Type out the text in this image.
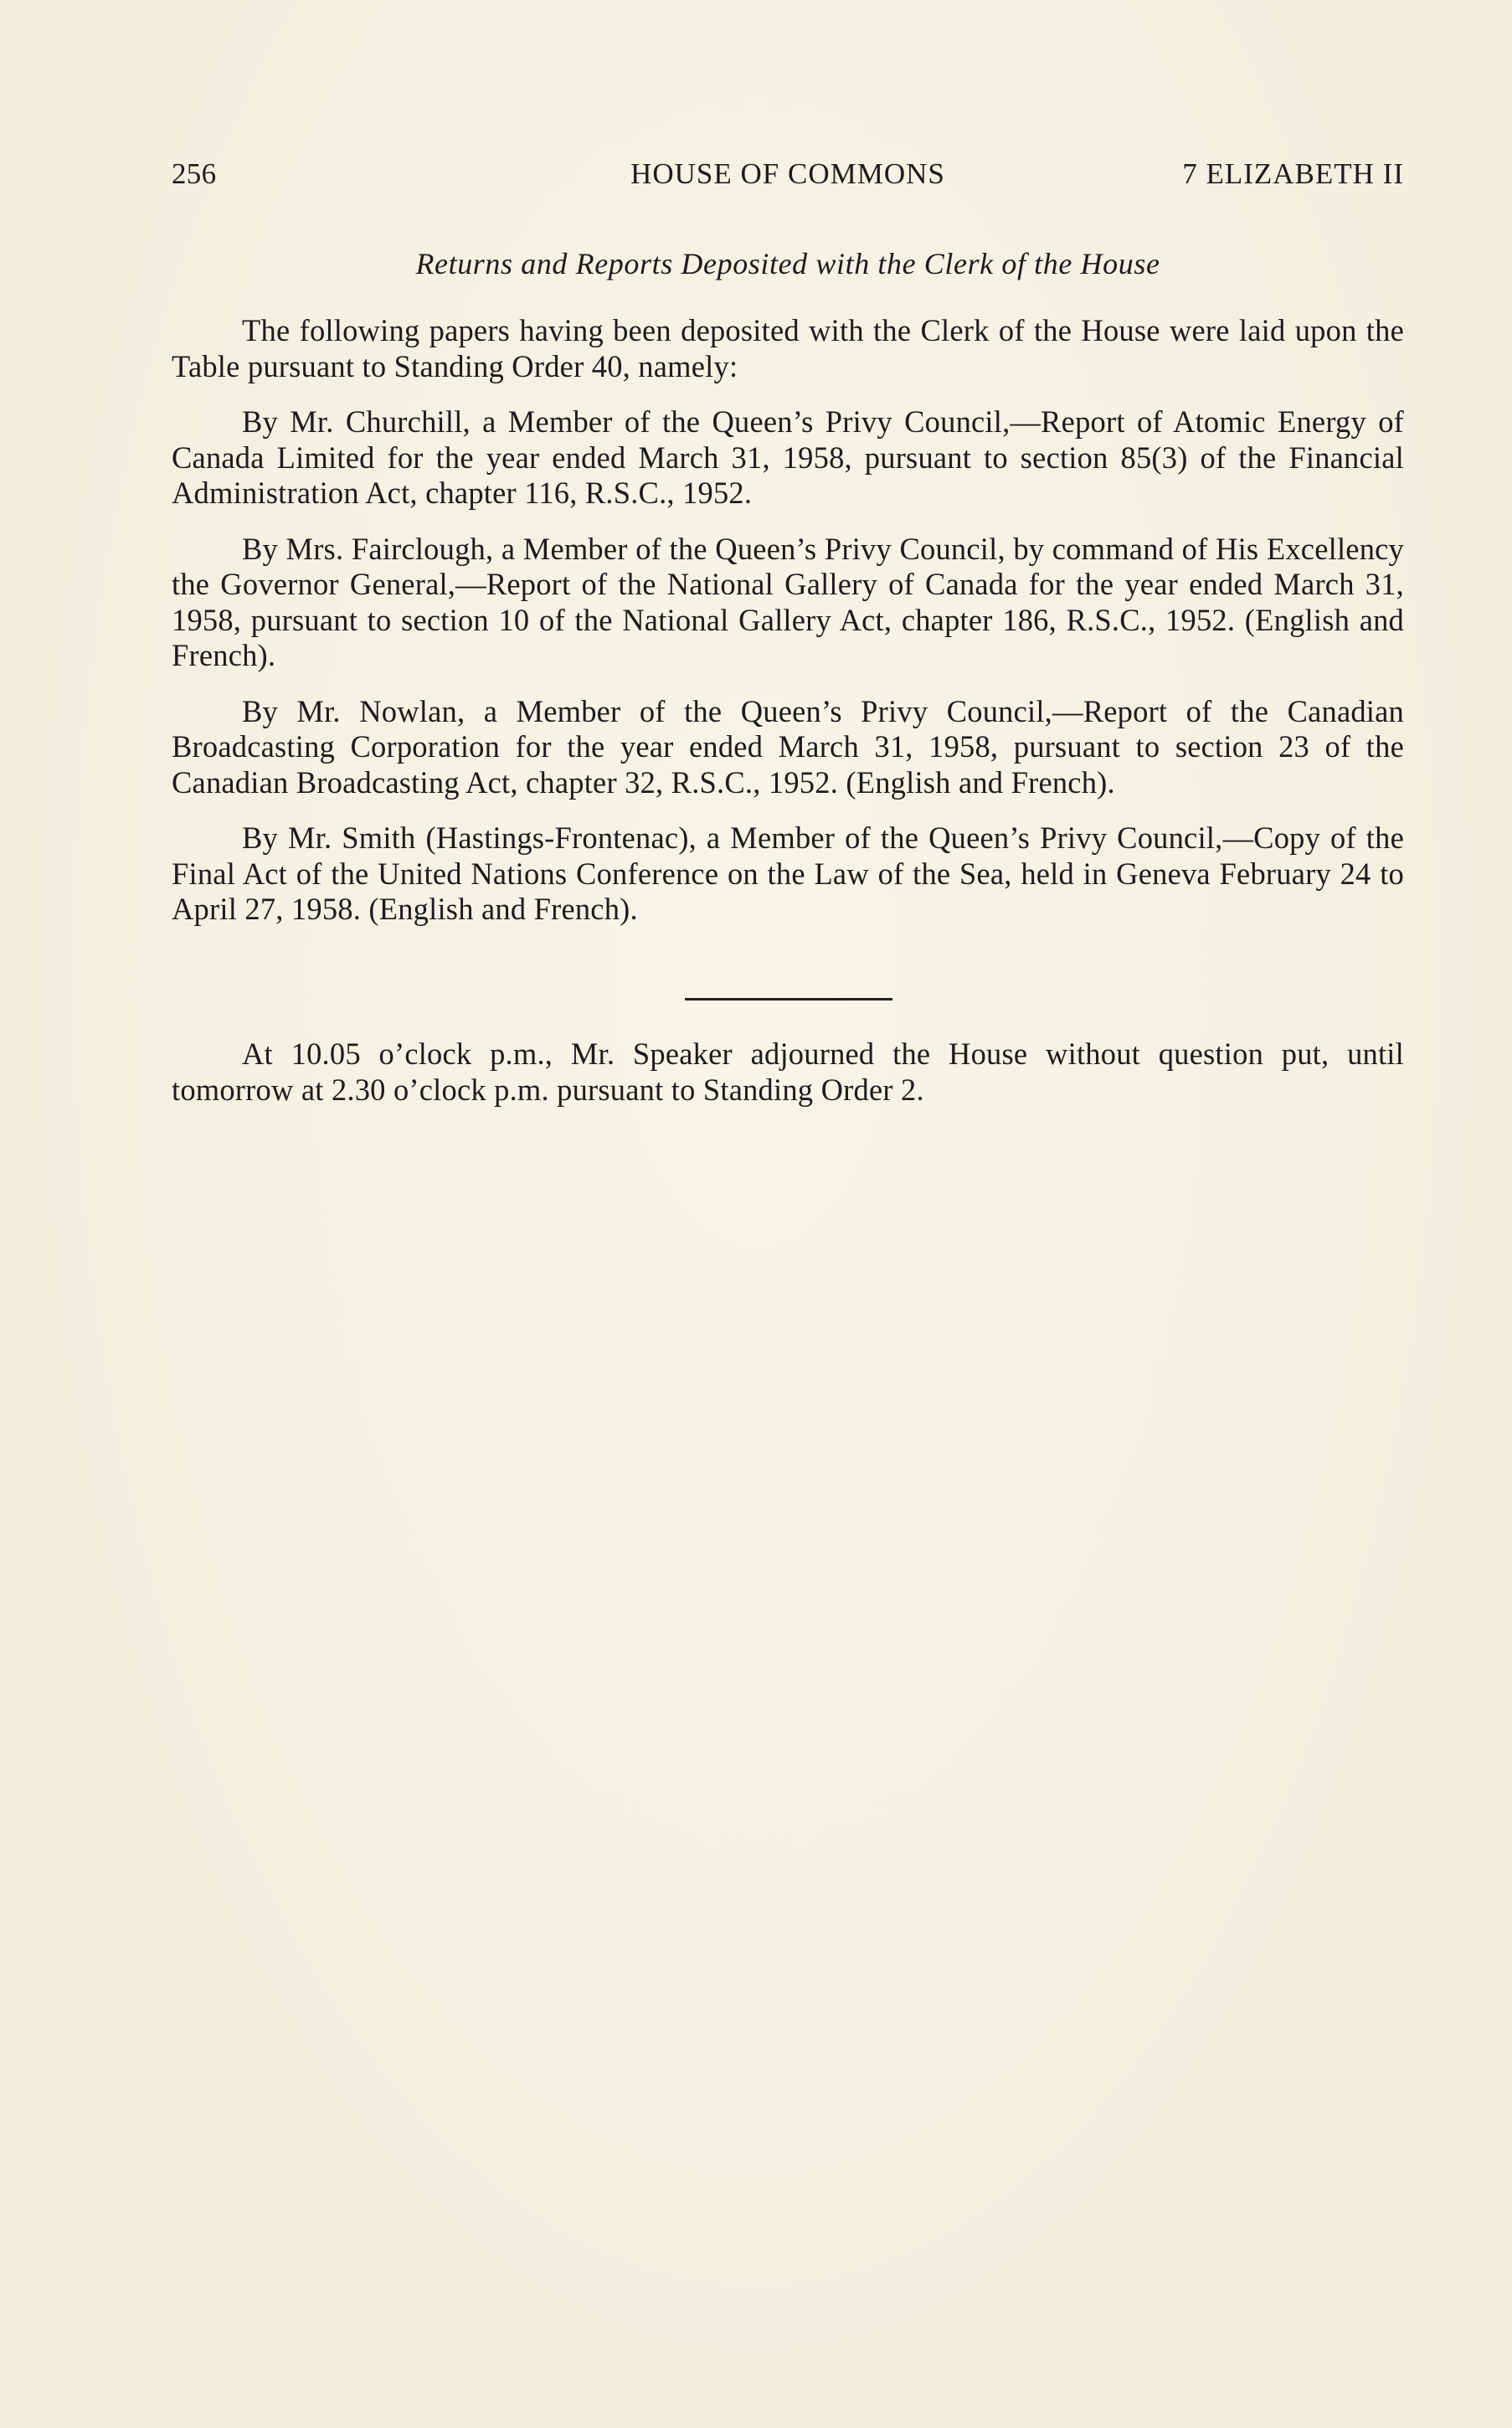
256	HOUSE OF COMMONS	7 ELIZABETH II
Returns and Reports Deposited with the Clerk of the House

The following papers having been deposited with the Clerk of the House were laid upon the Table pursuant to Standing Order 40, namely:

By Mr. Churchill, a Member of the Queen’s Privy Council,—Report of Atomic Energy of Canada Limited for the year ended March 31, 1958, pursuant to section 85(3) of the Financial Administration Act, chapter 116, R.S.C., 1952.

By Mrs. Fairclough, a Member of the Queen’s Privy Council, by command of His Excellency the Governor General,—Report of the National Gallery of Canada for the year ended March 31, 1958, pursuant to section 10 of the National Gallery Act, chapter 186, R.S.C., 1952. (English and French).

By Mr. Nowlan, a Member of the Queen’s Privy Council,—Report of the Canadian Broadcasting Corporation for the year ended March 31, 1958, pursuant to section 23 of the Canadian Broadcasting Act, chapter 32, R.S.C., 1952. (English and French).

By Mr. Smith (Hastings-Frontenac), a Member of the Queen’s Privy Council,—Copy of the Final Act of the United Nations Conference on the Law of the Sea, held in Geneva February 24 to April 27, 1958. (English and French).

At 10.05 o’clock p.m., Mr. Speaker adjourned the House without question put, until tomorrow at 2.30 o’clock p.m. pursuant to Standing Order 2.
